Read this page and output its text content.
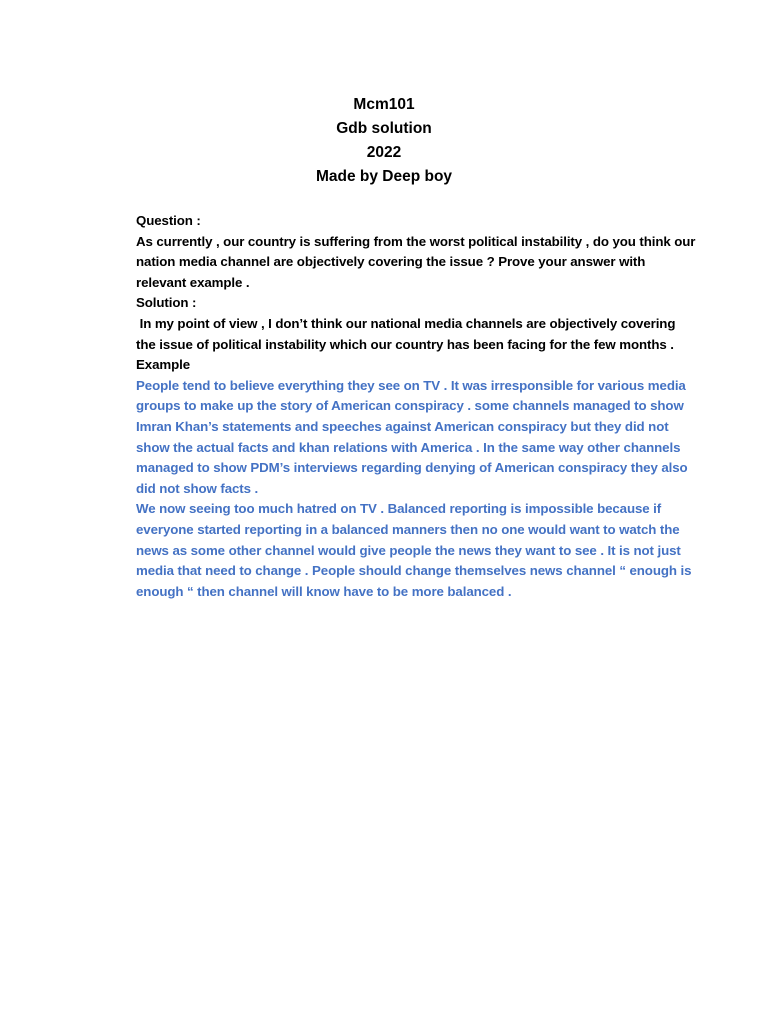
Mcm101
Gdb solution
2022
Made by Deep boy

Question :

As currently , our country is suffering from the worst political instability , do you think our nation media channel are objectively covering the issue ? Prove your answer with relevant example .

Solution :

In my point of view , I don’t think our national media channels are objectively covering the issue of political instability which our country has been facing for the few months .

Example

People tend to believe everything they see on TV . It was irresponsible for various media groups to make up the story of American conspiracy . some channels managed to show Imran Khan’s statements and speeches against American conspiracy but they did not show the actual facts and khan relations with America . In the same way other channels managed to show PDM’s interviews regarding denying of American conspiracy they also did not show facts .

We now seeing too much hatred on TV . Balanced reporting is impossible because if everyone started reporting in a balanced manners then no one would want to watch the news as some other channel would give people the news they want to see . It is not just media that need to change . People should change themselves news channel “ enough is enough “ then channel will know have to be more balanced .
